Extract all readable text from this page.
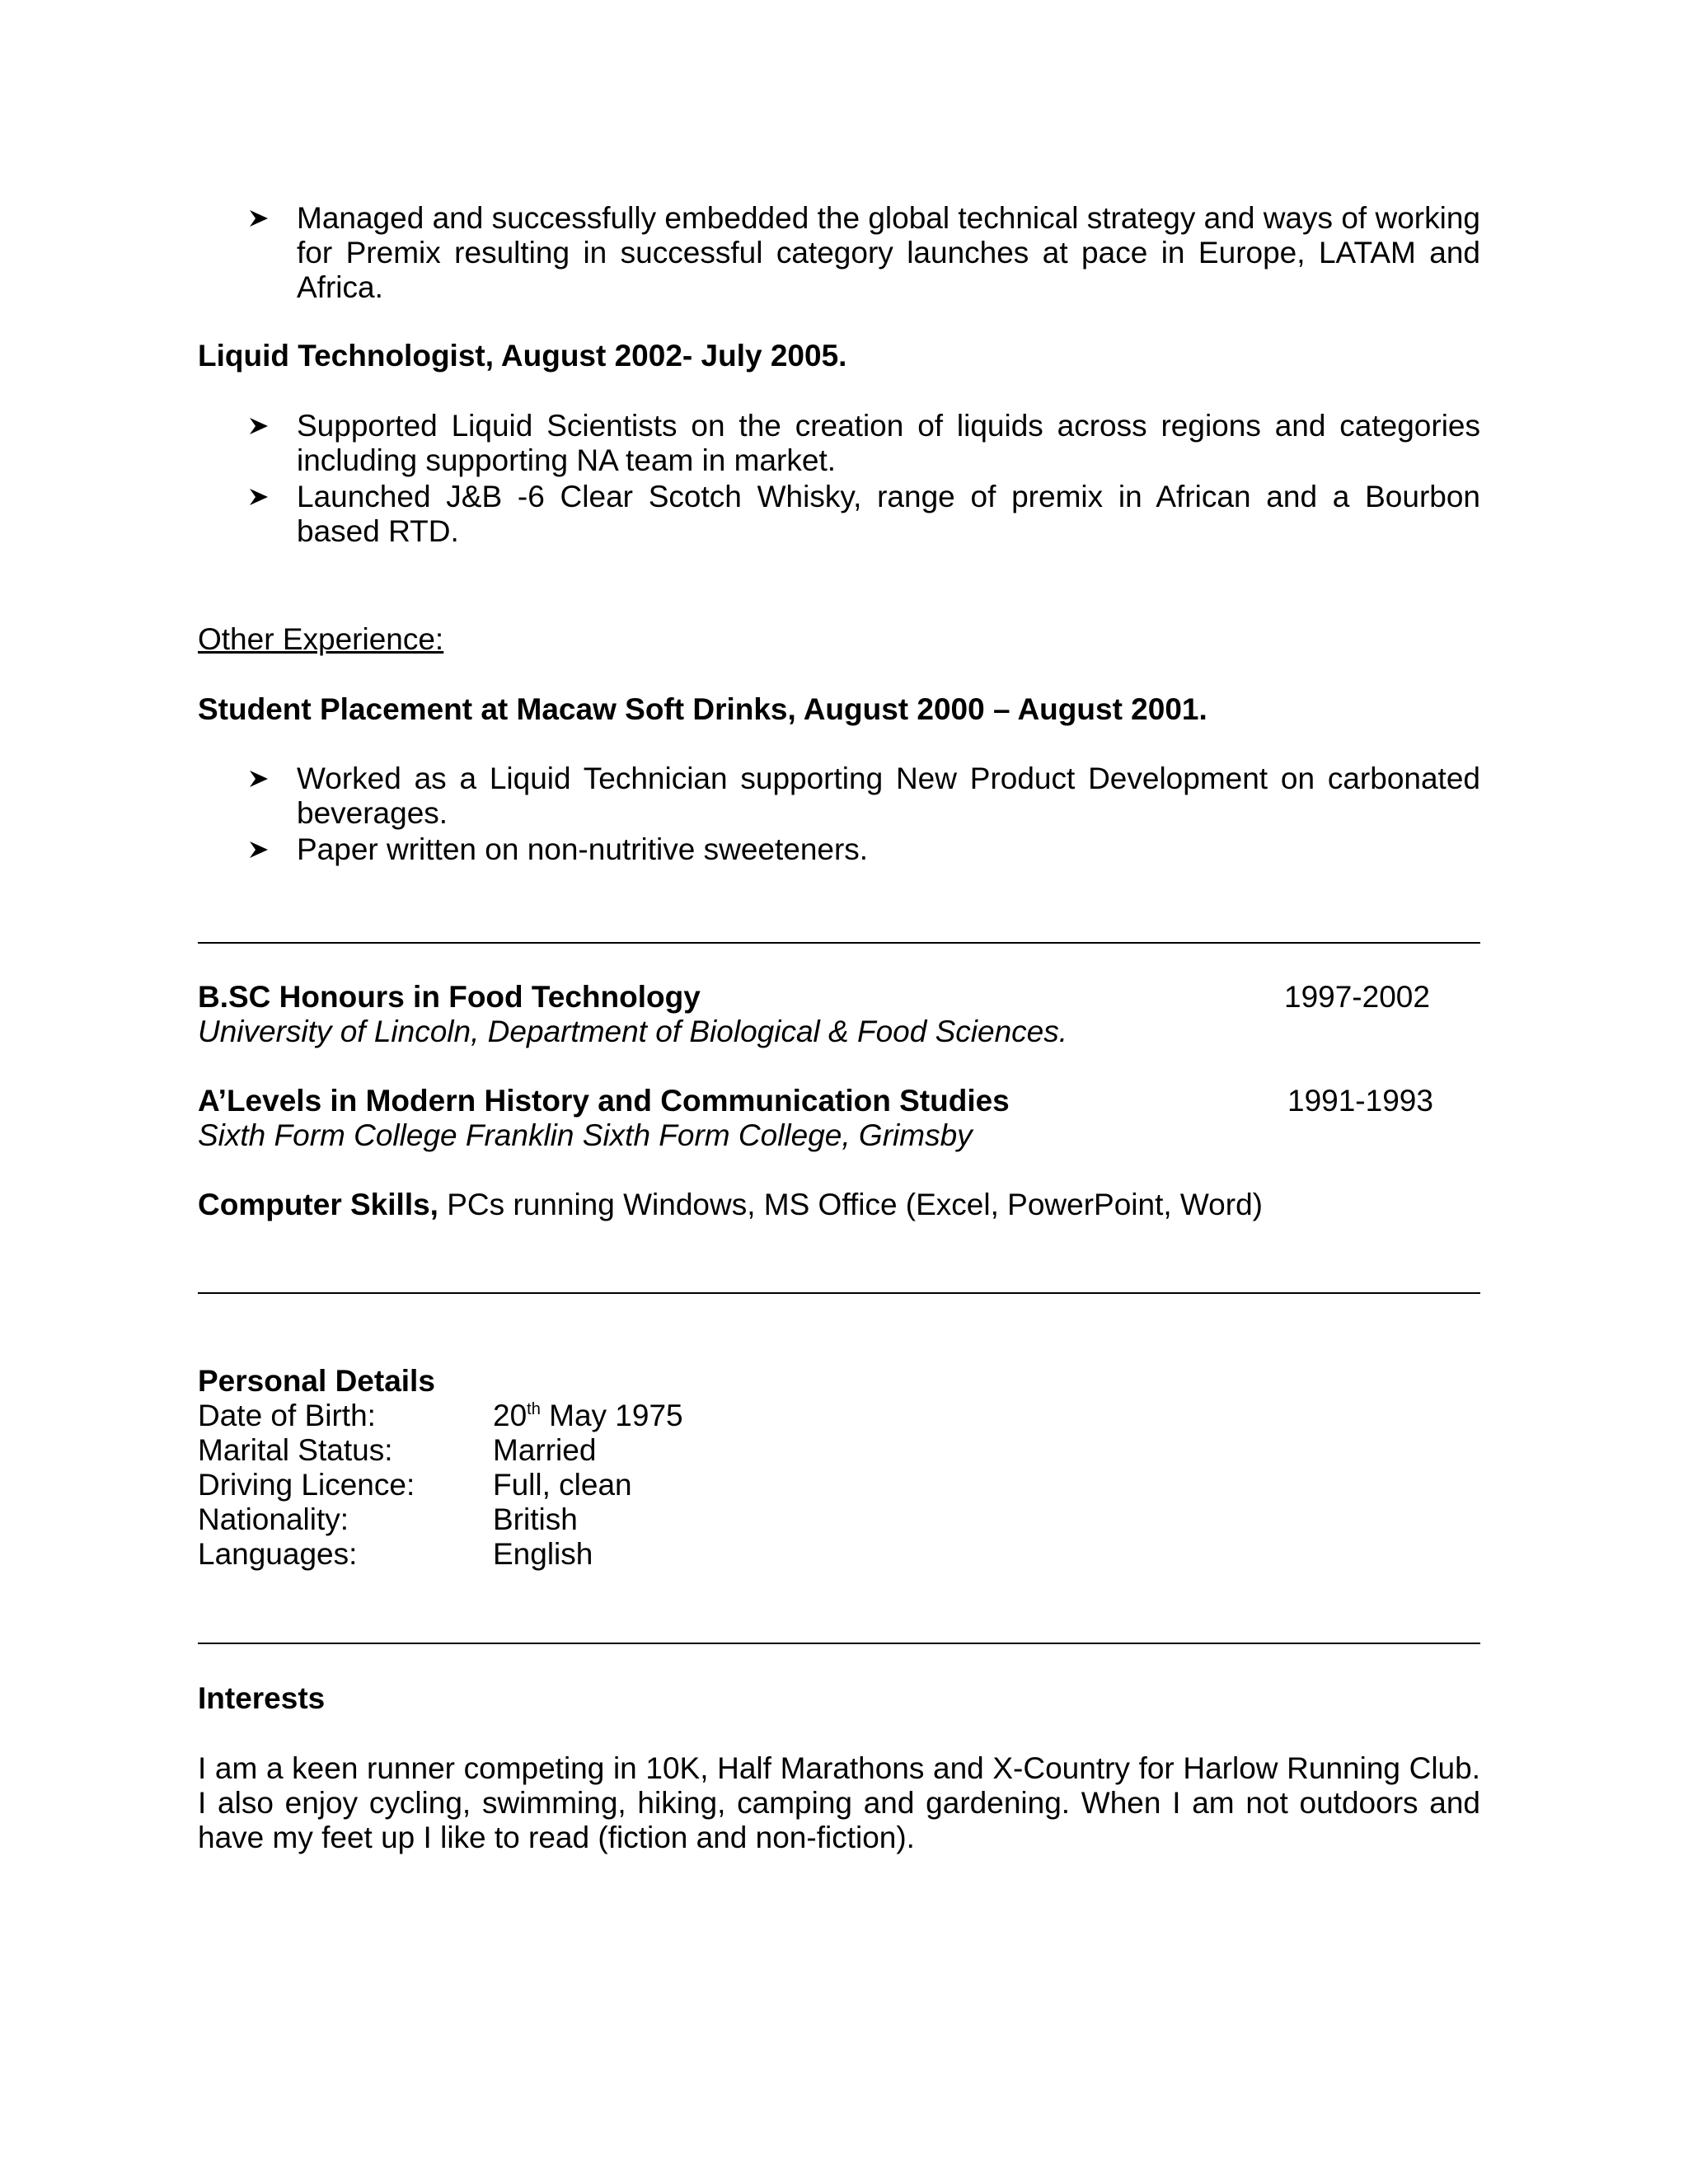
Managed and successfully embedded the global technical strategy and ways of working for Premix resulting in successful category launches at pace in Europe, LATAM and Africa.
Liquid Technologist, August 2002- July 2005.
Supported Liquid Scientists on the creation of liquids across regions and categories including supporting NA team in market.
Launched J&B -6 Clear Scotch Whisky, range of premix in African and a Bourbon based RTD.
Other Experience:
Student Placement at Macaw Soft Drinks, August 2000 – August 2001.
Worked as a Liquid Technician supporting New Product Development on carbonated beverages.
Paper written on non-nutritive sweeteners.
B.SC Honours in Food Technology	1997-2002
University of Lincoln, Department of Biological & Food Sciences.
A’Levels in Modern History and Communication Studies	1991-1993
Sixth Form College Franklin Sixth Form College, Grimsby
Computer Skills, PCs running Windows, MS Office (Excel, PowerPoint, Word)
Personal Details
Date of Birth:	20th May 1975
Marital Status:	Married
Driving Licence:	Full, clean
Nationality:	British
Languages:	English
Interests
I am a keen runner competing in 10K, Half Marathons and X-Country for Harlow Running Club. I also enjoy cycling, swimming, hiking, camping and gardening. When I am not outdoors and have my feet up I like to read (fiction and non-fiction).
